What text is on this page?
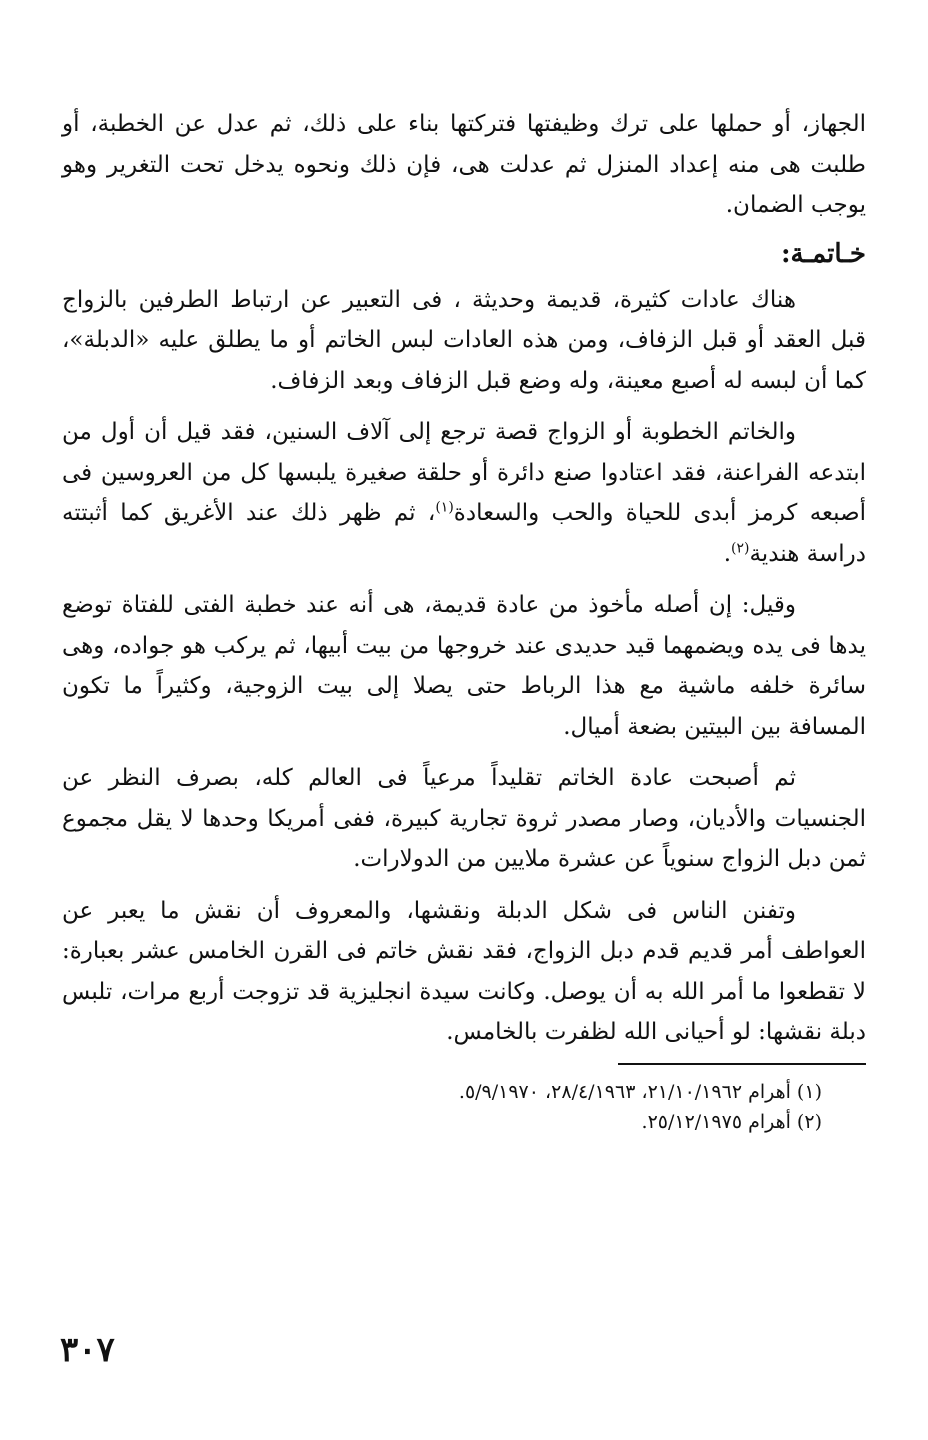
الجهاز، أو حملها على ترك وظيفتها فتركتها بناء على ذلك، ثم عدل عن الخطبة، أو طلبت هى منه إعداد المنزل ثم عدلت هى، فإن ذلك ونحوه يدخل تحت التغرير وهو يوجب الضمان.

خـاتمـة:

هناك عادات كثيرة، قديمة وحديثة ، فى التعبير عن ارتباط الطرفين بالزواج قبل العقد أو قبل الزفاف، ومن هذه العادات لبس الخاتم أو ما يطلق عليه «الدبلة»، كما أن لبسه له أصبع معينة، وله وضع قبل الزفاف وبعد الزفاف.

والخاتم الخطوبة أو الزواج قصة ترجع إلى آلاف السنين، فقد قيل أن أول من ابتدعه الفراعنة، فقد اعتادوا صنع دائرة أو حلقة صغيرة يلبسها كل من العروسين فى أصبعه كرمز أبدى للحياة والحب والسعادة$^{(١)}$، ثم ظهر ذلك عند الأغريق كما أثبتته دراسة هندية$^{(٢)}$.

وقيل: إن أصله مأخوذ من عادة قديمة، هى أنه عند خطبة الفتى للفتاة توضع يدها فى يده ويضمهما قيد حديدى عند خروجها من بيت أبيها، ثم يركب هو جواده، وهى سائرة خلفه ماشية مع هذا الرباط حتى يصلا إلى بيت الزوجية، وكثيراً ما تكون المسافة بين البيتين بضعة أميال.

ثم أصبحت عادة الخاتم تقليداً مرعياً فى العالم كله، بصرف النظر عن الجنسيات والأديان، وصار مصدر ثروة تجارية كبيرة، ففى أمريكا وحدها لا يقل مجموع ثمن دبل الزواج سنوياً عن عشرة ملايين من الدولارات.

وتفنن الناس فى شكل الدبلة ونقشها، والمعروف أن نقش ما يعبر عن العواطف أمر قديم قدم دبل الزواج، فقد نقش خاتم فى القرن الخامس عشر بعبارة: لا تقطعوا ما أمر الله به أن يوصل. وكانت سيدة انجليزية قد تزوجت أربع مرات، تلبس دبلة نقشها: لو أحيانى الله لظفرت بالخامس.

(١) أهرام ٢١/١٠/١٩٦٢، ٢٨/٤/١٩٦٣، ٥/٩/١٩٧٠.

(٢) أهرام ٢٥/١٢/١٩٧٥.

٣٠٧
